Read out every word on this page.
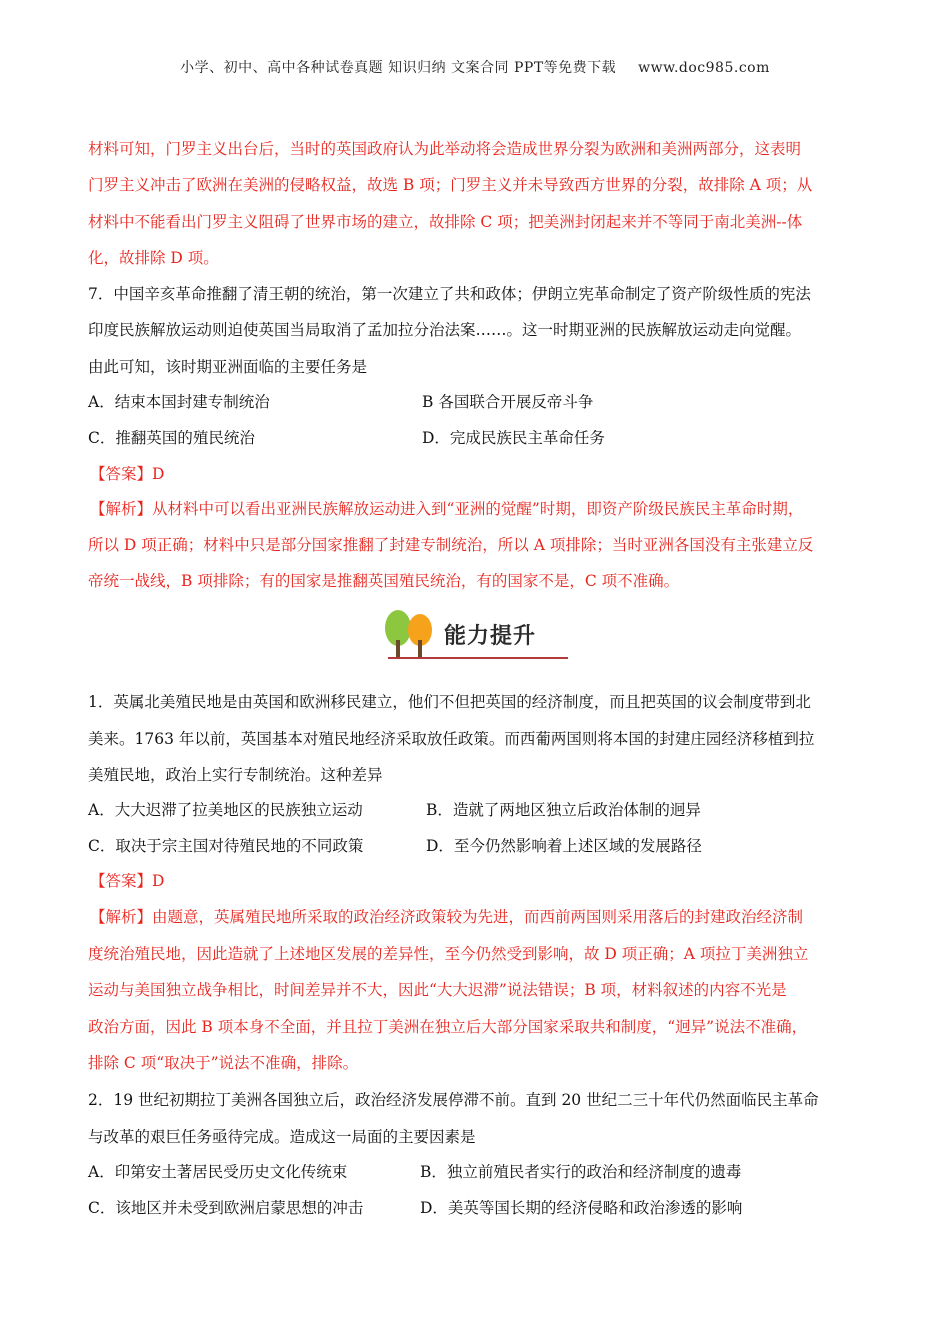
小学、初中、高中各种试卷真题 知识归纳 文案合同 PPT等免费下载 www.doc985.com
材料可知，门罗主义出台后，当时的英国政府认为此举动将会造成世界分裂为欧洲和美洲两部分，这表明
门罗主义冲击了欧洲在美洲的侵略权益，故选 B 项；门罗主义并未导致西方世界的分裂，故排除 A 项；从
材料中不能看出门罗主义阻碍了世界市场的建立，故排除 C 项；把美洲封闭起来并不等同于南北美洲--体
化，故排除 D 项。
7．中国辛亥革命推翻了清王朝的统治，第一次建立了共和政体；伊朗立宪革命制定了资产阶级性质的宪法
印度民族解放运动则迫使英国当局取消了孟加拉分治法案……。这一时期亚洲的民族解放运动走向觉醒。
由此可知，该时期亚洲面临的主要任务是
A．结束本国封建专制统治	B 各国联合开展反帝斗争
C．推翻英国的殖民统治	D．完成民族民主革命任务
【答案】D
【解析】从材料中可以看出亚洲民族解放运动进入到“亚洲的觉醒”时期，即资产阶级民族民主革命时期，
所以 D 项正确；材料中只是部分国家推翻了封建专制统治，所以 A 项排除；当时亚洲各国没有主张建立反
帝统一战线，B 项排除；有的国家是推翻英国殖民统治，有的国家不是，C 项不准确。
能力提升
1．英属北美殖民地是由英国和欧洲移民建立，他们不但把英国的经济制度，而且把英国的议会制度带到北
美来。1763 年以前，英国基本对殖民地经济采取放任政策。而西葡两国则将本国的封建庄园经济移植到拉
美殖民地，政治上实行专制统治。这种差异
A．大大迟滞了拉美地区的民族独立运动	B．造就了两地区独立后政治体制的迥异
C．取决于宗主国对待殖民地的不同政策	D．至今仍然影响着上述区域的发展路径
【答案】D
【解析】由题意，英属殖民地所采取的政治经济政策较为先进，而西前两国则采用落后的封建政治经济制
度统治殖民地，因此造就了上述地区发展的差异性，至今仍然受到影响，故 D 项正确；A 项拉丁美洲独立
运动与美国独立战争相比，时间差异并不大，因此“大大迟滞”说法错误；B 项，材料叙述的内容不光是
政治方面，因此 B 项本身不全面，并且拉丁美洲在独立后大部分国家采取共和制度，“迥异”说法不准确，
排除 C 项“取决于”说法不准确，排除。
2．19 世纪初期拉丁美洲各国独立后，政治经济发展停滞不前。直到 20 世纪二三十年代仍然面临民主革命
与改革的艰巨任务亟待完成。造成这一局面的主要因素是
A．印第安土著居民受历史文化传统束	B．独立前殖民者实行的政治和经济制度的遗毒
C．该地区并未受到欧洲启蒙思想的冲击	D．美英等国长期的经济侵略和政治渗透的影响
